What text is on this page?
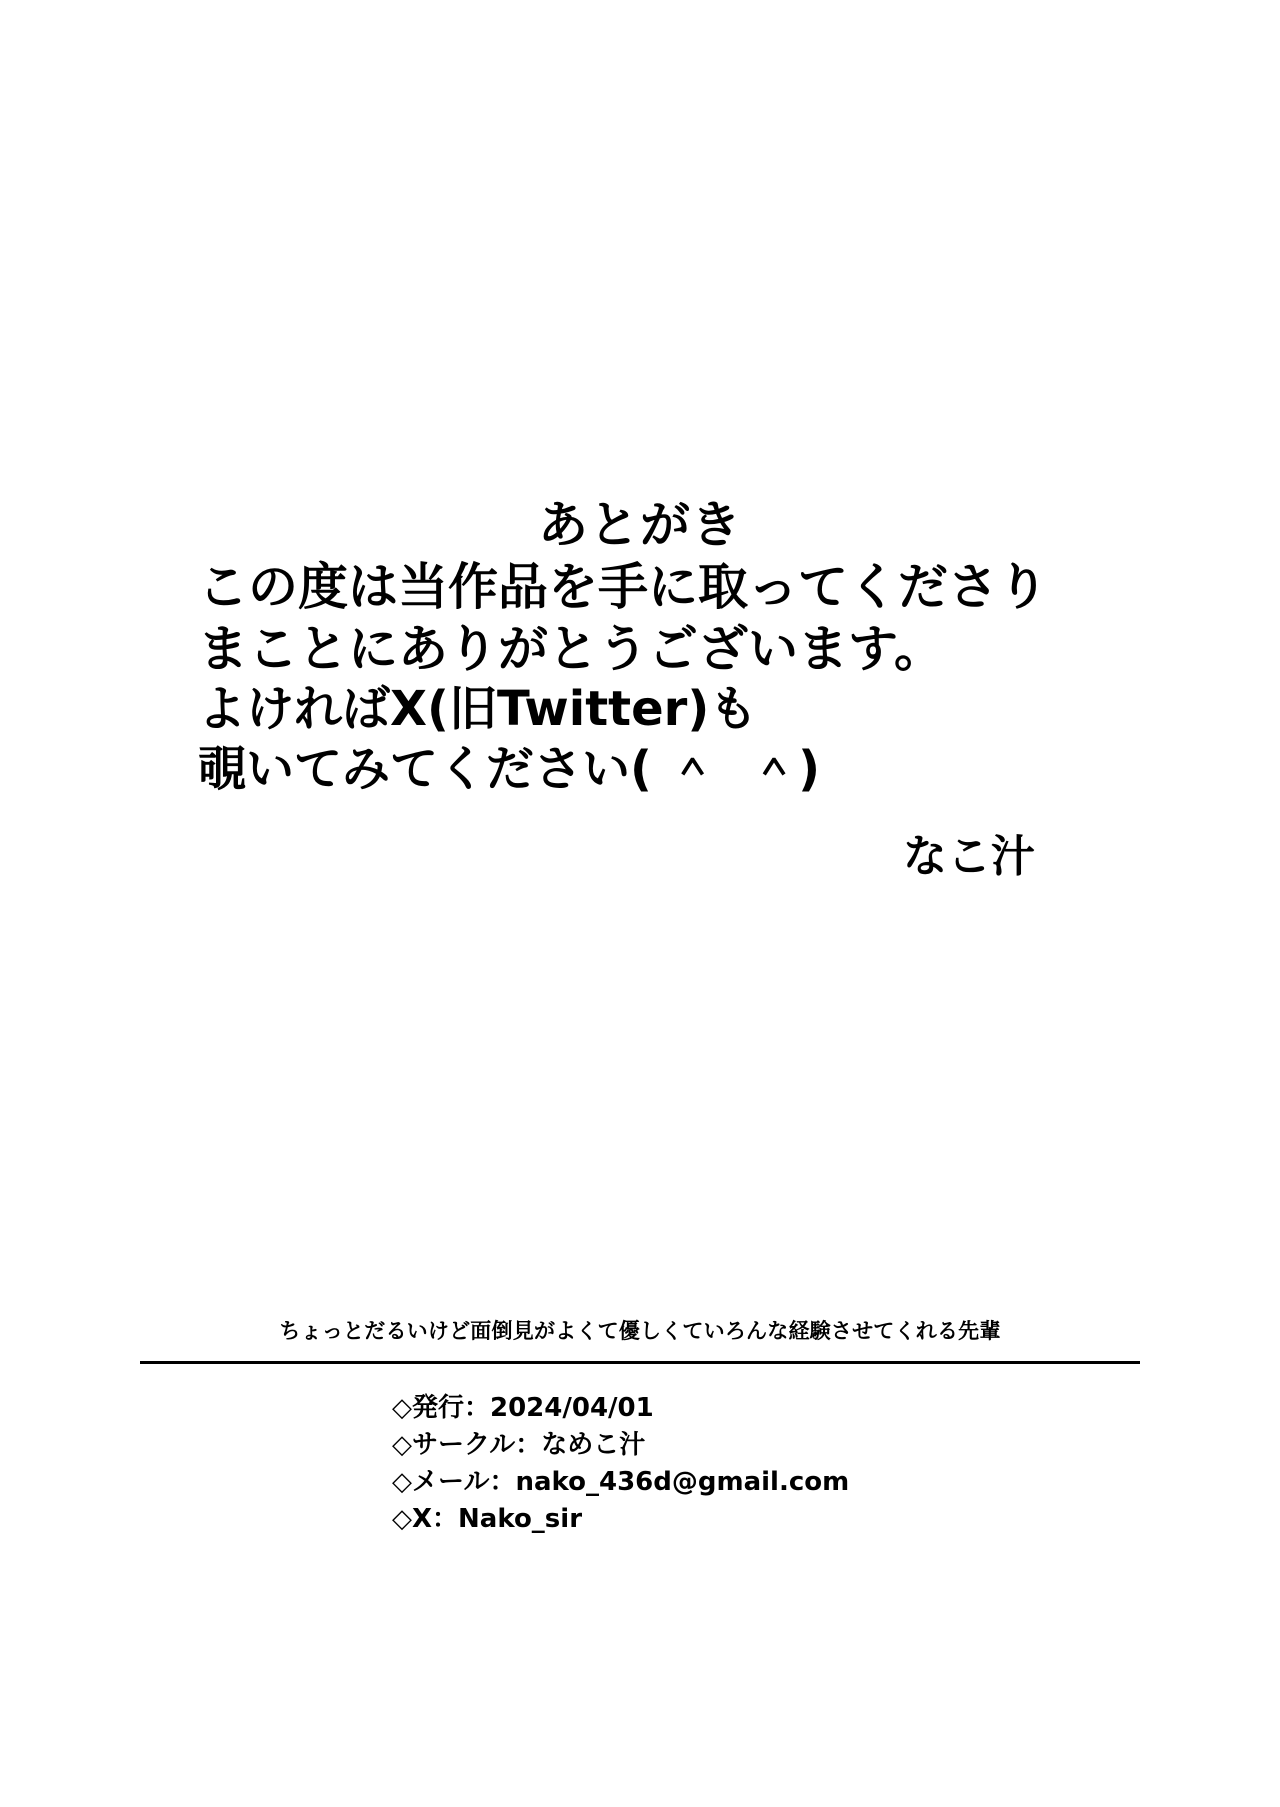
あとがき

この度は当作品を手に取ってくださり

まことにありがとうございます。

よければX(旧Twitter)も

覗いてみてください( ＾  ＾)

なこ汁

ちょっとだるいけど面倒見がよくて優しくていろんな経験させてくれる先輩

◇発行：2024/04/01

◇サークル：なめこ汁

◇メール：nako_436d@gmail.com

◇X：Nako_sir
